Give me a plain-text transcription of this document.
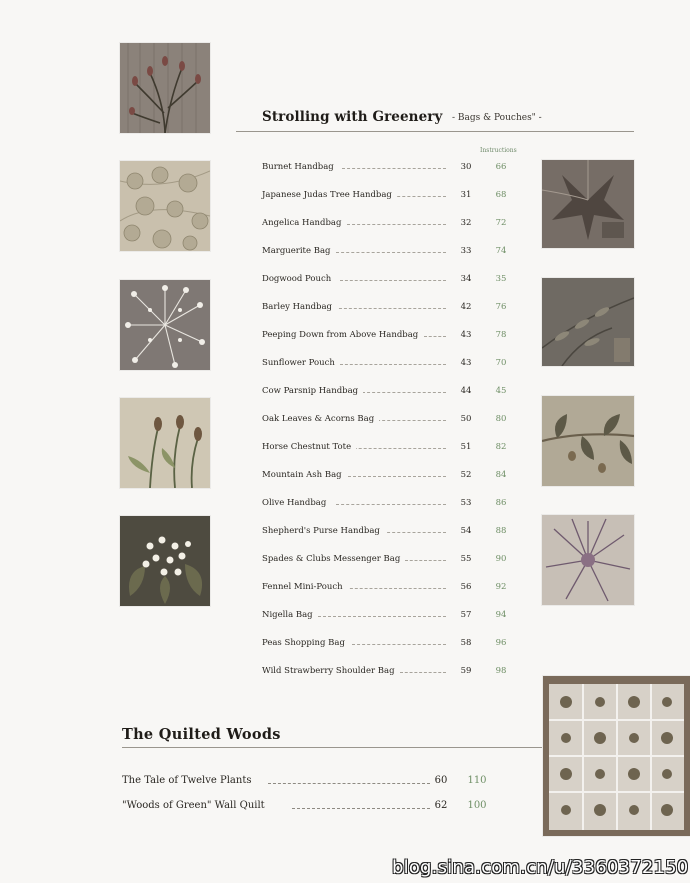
Strolling with Greenery - Bags & Pouches" -
Instructions
Burnet Handbag	30	66
Japanese Judas Tree Handbag	31	68
Angelica Handbag	32	72
Marguerite Bag	33	74
Dogwood Pouch	34	35
Barley Handbag	42	76
Peeping Down from Above Handbag	43	78
Sunflower Pouch	43	70
Cow Parsnip Handbag	44	45
Oak Leaves & Acorns Bag	50	80
Horse Chestnut Tote	51	82
Mountain Ash Bag	52	84
Olive Handbag	53	86
Shepherd's Purse Handbag	54	88
Spades & Clubs Messenger Bag	55	90
Fennel Mini-Pouch	56	92
Nigella Bag	57	94
Peas Shopping Bag	58	96
Wild Strawberry Shoulder Bag	59	98
The Quilted Woods
The Tale of Twelve Plants	60 110
"Woods of Green" Wall Quilt	62 100
blog.sina.com.cn/u/3360372150
